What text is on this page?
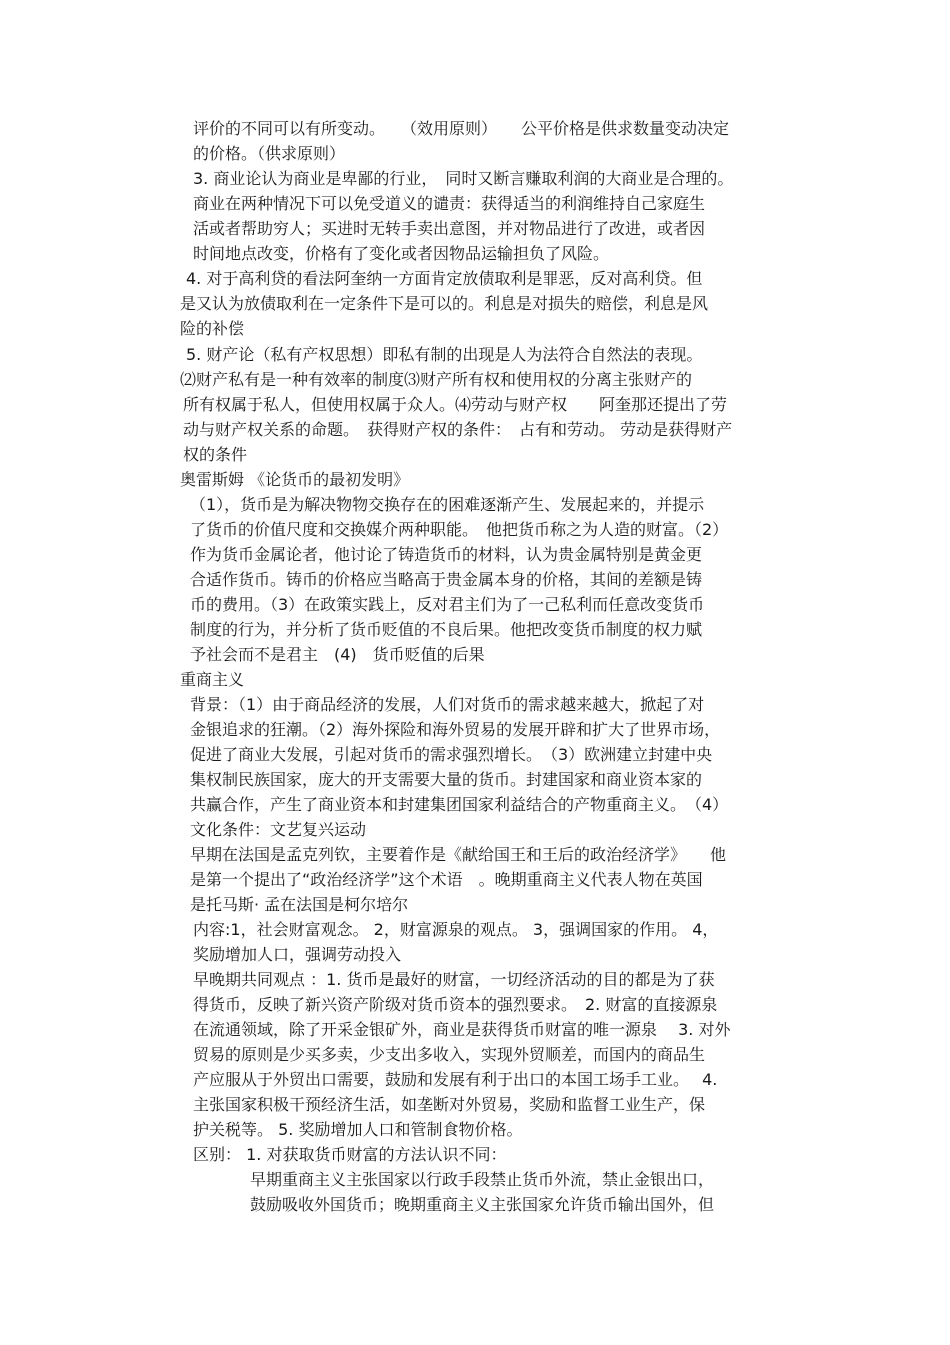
评价的不同可以有所变动。　　（效用原则）　　公平价格是供求数量变动决定
的价格。（供求原则）
3. 商业论认为商业是卑鄙的行业，　同时又断言赚取利润的大商业是合理的。
商业在两种情况下可以免受道义的谴责：获得适当的利润维持自己家庭生
活或者帮助穷人；买进时无转手卖出意图，并对物品进行了改进，或者因
时间地点改变，价格有了变化或者因物品运输担负了风险。
4. 对于高利贷的看法阿奎纳一方面肯定放债取利是罪恶，反对高利贷。但
是又认为放债取利在一定条件下是可以的。利息是对损失的赔偿，利息是风
险的补偿
5. 财产论（私有产权思想）即私有制的出现是人为法符合自然法的表现。
⑵财产私有是一种有效率的制度⑶财产所有权和使用权的分离主张财产的
所有权属于私人，但使用权属于众人。⑷劳动与财产权　　阿奎那还提出了劳
动与财产权关系的命题。　获得财产权的条件：　占有和劳动。 劳动是获得财产
权的条件
奥雷斯姆 《论货币的最初发明》
（1），货币是为解决物物交换存在的困难逐渐产生、发展起来的，并提示
了货币的价值尺度和交换媒介两种职能。　他把货币称之为人造的财富。（2）
作为货币金属论者，他讨论了铸造货币的材料，认为贵金属特别是黄金更
合适作货币。铸币的价格应当略高于贵金属本身的价格，其间的差额是铸
币的费用。（3）在政策实践上，反对君主们为了一己私利而任意改变货币
制度的行为，并分析了货币贬值的不良后果。他把改变货币制度的权力赋
予社会而不是君主　(4)　货币贬值的后果
重商主义
背景：（1）由于商品经济的发展，人们对货币的需求越来越大，掀起了对
金银追求的狂潮。（2）海外探险和海外贸易的发展开辟和扩大了世界市场，
促进了商业大发展，引起对货币的需求强烈增长。　（3）欧洲建立封建中央
集权制民族国家，庞大的开支需要大量的货币。封建国家和商业资本家的
共赢合作，产生了商业资本和封建集团国家利益结合的产物重商主义。　（4）
文化条件：文艺复兴运动
早期在法国是孟克列钦，主要着作是《献给国王和王后的政治经济学》　　他
是第一个提出了“政治经济学”这个术语　。晚期重商主义代表人物在英国
是托马斯· 孟在法国是柯尔培尔
内容:1，社会财富观念。 2，财富源泉的观点。 3，强调国家的作用。 4，
奖励增加人口，强调劳动投入
早晚期共同观点 ：1. 货币是最好的财富，一切经济活动的目的都是为了获
得货币，反映了新兴资产阶级对货币资本的强烈要求。　2. 财富的直接源泉
在流通领域，除了开采金银矿外，商业是获得货币财富的唯一源泉　 3. 对外
贸易的原则是少买多卖，少支出多收入，实现外贸顺差，而国内的商品生
产应服从于外贸出口需要，鼓励和发展有利于出口的本国工场手工业。　 4.
主张国家积极干预经济生活，如垄断对外贸易，奖励和监督工业生产，保
护关税等。 5. 奖励增加人口和管制食物价格。
区别： 1. 对获取货币财富的方法认识不同：
早期重商主义主张国家以行政手段禁止货币外流，禁止金银出口，
鼓励吸收外国货币；晚期重商主义主张国家允许货币输出国外，但
